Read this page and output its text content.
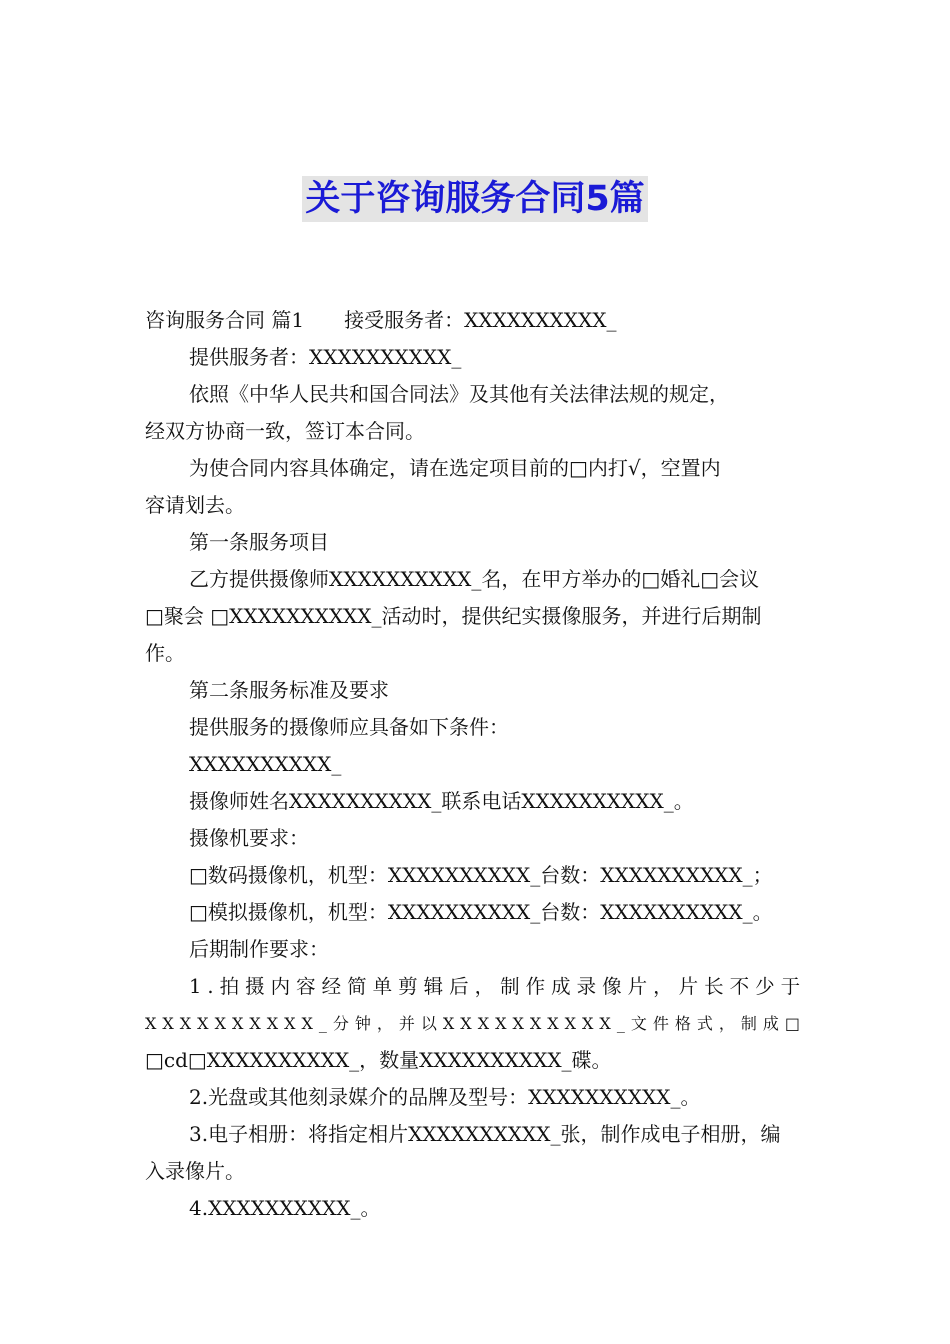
关于咨询服务合同5篇

咨询服务合同 篇1 接受服务者：XXXXXXXXXX_

提供服务者：XXXXXXXXXX_

依照《中华人民共和国合同法》及其他有关法律法规的规定，

经双方协商一致，签订本合同。

为使合同内容具体确定，请在选定项目前的□内打√，空置内

容请划去。

第一条服务项目

乙方提供摄像师XXXXXXXXXX_名，在甲方举办的□婚礼□会议

□聚会 □XXXXXXXXXX_活动时，提供纪实摄像服务，并进行后期制

作。

第二条服务标准及要求

提供服务的摄像师应具备如下条件：

XXXXXXXXXX_

摄像师姓名XXXXXXXXXX_联系电话XXXXXXXXXX_。

摄像机要求：

□数码摄像机，机型：XXXXXXXXXX_台数：XXXXXXXXXX_；

□模拟摄像机，机型：XXXXXXXXXX_台数：XXXXXXXXXX_。

后期制作要求：

1.拍摄内容经简单剪辑后，制作成录像片，片长不少于

XXXXXXXXXX_分钟，并以XXXXXXXXXX_文件格式，制成□

□cd□XXXXXXXXXX_，数量XXXXXXXXXX_碟。

2.光盘或其他刻录媒介的品牌及型号：XXXXXXXXXX_。

3.电子相册：将指定相片XXXXXXXXXX_张，制作成电子相册，编

入录像片。

4.XXXXXXXXXX_。
